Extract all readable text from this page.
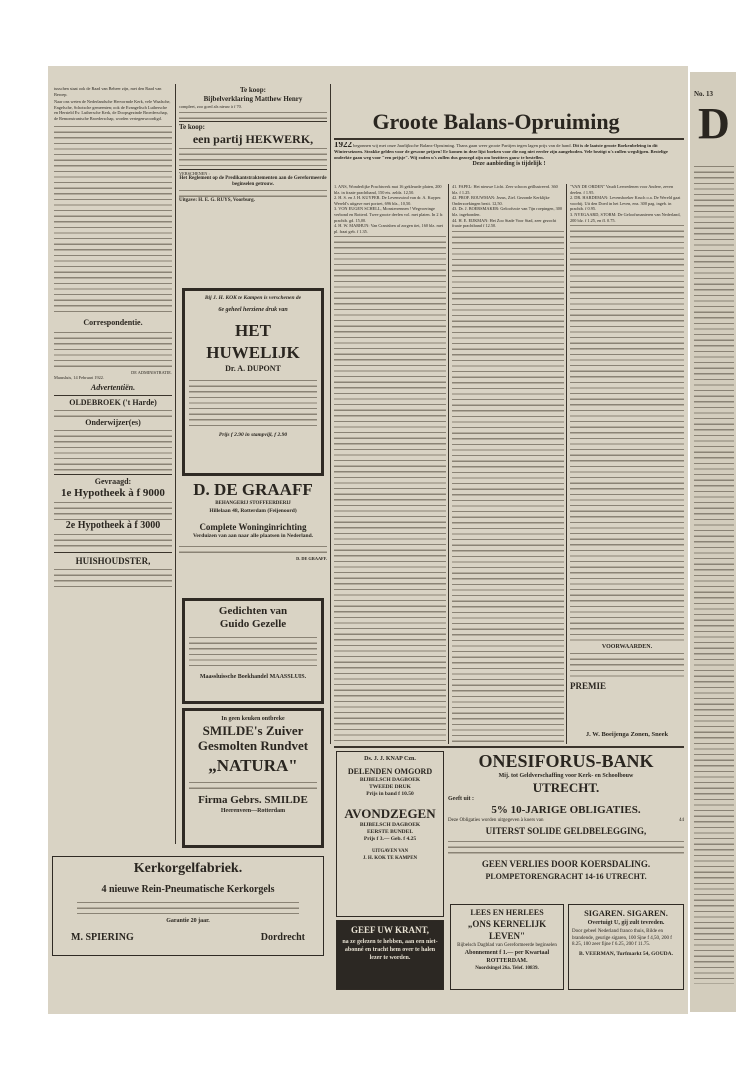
tusschen staat ook de Raad van Beheer zijn, met den Raad van Beroep.
Naar ons weten de Nederlandsche Hervormde Kerk, vele Waalsche, Engelsche, Schotsche gemeenten; ook de Evangelisch Luthersche en Hersteld Ev. Luthersche Kerk, de Doopsgezinde Broederschap, de Remonstrantsche Broederschap, worden vertegenwoordigd.
Correspondentie.
DE ADMINISTRATIE.
Maassluis, 14 Februari 1922.
Advertentiën.
OLDEBROEK ('t Harde)
Onderwijzer(es)
Gevraagd:
1e Hypotheek à f 9000
2e Hypotheek à f 3000
HUISHOUDSTER,
Kerkorgelfabriek.
4 nieuwe Rein-Pneumatische Kerkorgels
Garantie 20 jaar.
M. SPIERING	Dordrecht
Te koop:
Bijbelverklaring Matthew Henry
compleet, zoo goed als nieuw à f 70.
Te koop:
een partij HEKWERK,
VERSCHENEN :
Het Reglement op de Predikantstraktementen aan de Gereformeerde
beginselen getrouw.
Uitgave: H. E. G. RUYS, Voorburg.
Bij J. H. KOK te Kampen is verschenen de
6e geheel herziene druk van
HET HUWELIJK
Dr. A. DUPONT
Prijs f 2.90 in stampvijl, f 2.90
D. DE GRAAFF
BEHANGERIJ STOFFEERDERIJ
Hillelaan 48, Rotterdam (Feijenoord)
Complete Woninginrichting
Verduizen van aan naar alle plaatsen in Nederland.
D. DE GRAAFF.
Gedichten van
Guido Gezelle
Maassluissche Boekhandel MAASSLUIS.
In geen keuken ontbreke
SMILDE's Zuiver
Gesmolten Rundvet
„NATURA"
Firma Gebrs. SMILDE
Heerenveen—Rotterdam
Groote Balans-Opruiming
1922 begonnen wij met onze Jaarlijksche Balans-Opruiming. Thans gaan weer groote Partijen tegen lagen prijs van de hand. Dit is de laatste groote Boekenbeleing in dit Winterseizoen. Strakke gelden voor de gewone prijzen! Er komen in deze lijst boeken voor die nog niet eerder zijn aangeboden. Vele bezitgt u's zullen wegslijpen. Bestelige onderkte gaan weg voor "een prijsje". Wij raden u's zullen dus gezorgd zijn om bezitters gauw te bestellen.
Deze aanbieding is tijdelijk !
1. ANS, Wonderlijke Prachtwerk mat 16 gekleurde platen, 200 blz. in fraaie prachtband, 150 ets. zeldz. 12,50.
2. H. S. en J. H. KUYPER. De Levenswind van dr. A. Kuyper. Wereld's uitgave met portret, 696 blz., 10,50.
3. VON EUGEN SCHELL, Monsterrennen ! Wegvoeringe verbond en Rotterd. Twee groote deelen vol. met platen. In 2 fr. prachtb. gd. 15,00.
4. H. W. MARHUN: Van Cranisben af zorgen tiet, 160 blz. met pl. fraai geb. f 1.35.
41. FAPEL: Het nieuwe Licht. Zeer schoon geïllustreerd. 360 blz. f 1.25.
42. PROF. BOUWMAN: Jezus, Ziel. Gezonde Kerklijke Onderzoekingen bezit. 12,50.
43. Dr. J. BOERSMAKER: Geloofswie van 7ijn roepingen, 300 blz. ingebonden.
44. H. E. EIJKMAN: Het Zoo Stade Voor Stad, zeer gezocht fraaie prachtband f 12.50.
"VAN DE ORDEN" Vaudt Leerredenen voor Andere, zeven deelen. f 1.95.
2. DR. HARDEMAN: Levensboeker Kruch o.a. De Wereld gaat voorbij. Uit den Doed in het Leven, enz. 300 pag. ingeb. in prachtb. f 0.95.
3. NYEGAARD, STORM: De Geloofsmanieren van Nederland, 200 blz. f 1.25, en fl. 0.75.
VOORWAARDEN.
PREMIE
J. W. Boeijenga Zonen, Sneek
Ds. J. J. KNAP Czn.
DELENDEN OMGORD
BIJBELSCH DAGBOEK
TWEEDE DRUK
Prijs in band f 10.50
AVONDZEGEN
BIJBELSCH DAGBOEK
EERSTE BUNDEL
Prijs f 3.— Geb. f 4.25
UITGAVEN VAN
J. H. KOK TE KAMPEN
GEEF UW KRANT,
na ze gelezen te hebben, aan een niet-abonné en tracht hem over te halen lezer te worden.
ONESIFORUS-BANK
Mij. tot Geldverschaffing voor Kerk- en Schoolbouw
UTRECHT.
Geeft uit :
5% 10-JARIGE OBLIGATIES.
Deze Obligaties worden uitgegeven à koers van	44
UITERST SOLIDE GELDBELEGGING,
GEEN VERLIES DOOR KOERSDALING.
PLOMPETORENGRACHT 14-16 UTRECHT.
LEES EN HERLEES
„ONS KERNELIJK LEVEN"
Bijbelsch Dagblad van Gereformeerde beginselen
Abonnement f 1.— per Kwartaal
ROTTERDAM.
Noordsingel 26a. Telef. 10839.
SIGAREN. SIGAREN.
Overtuigt U, gij zult tevreden.
Door gebeel Nederland franco thuis, Bilde en brandende, geurige sigaren, 100 Sjne f 4,50, 200 f 8.25, 100 zeer fijne f 6.25, 200 f 11.75.
B. VEERMAN, Turfmarkt 54, GOUDA.
No. 13
D
